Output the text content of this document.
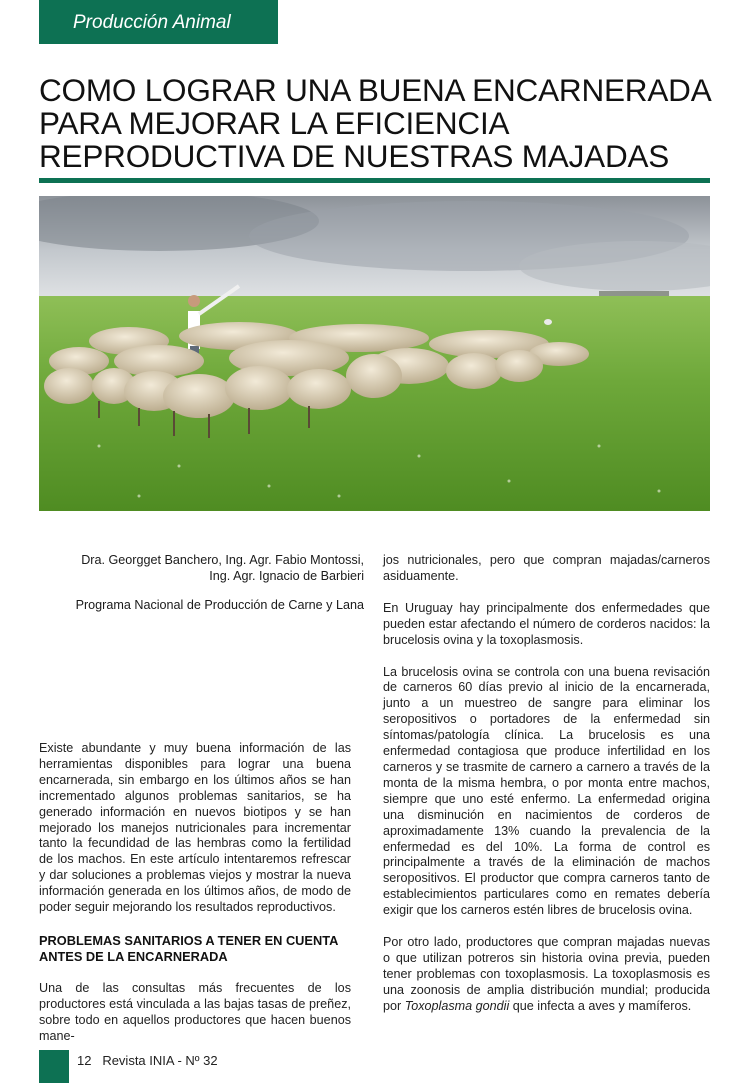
Producción Animal
COMO LOGRAR UNA BUENA ENCARNERADA
PARA MEJORAR LA EFICIENCIA
REPRODUCTIVA DE NUESTRAS MAJADAS

Dra. Georgget Banchero, Ing. Agr. Fabio Montossi,
Ing. Agr. Ignacio de Barbieri

Programa Nacional de Producción de Carne y Lana

Existe abundante y muy buena información de las herramientas disponibles para lograr una buena encarnerada, sin embargo en los últimos años se han incrementado algunos problemas sanitarios, se ha generado información en nuevos biotipos y se han mejorado los manejos nutricionales para incrementar tanto la fecundidad de las hembras como la fertilidad de los machos. En este artículo intentaremos refrescar y dar soluciones a problemas viejos y mostrar la nueva información generada en los últimos años, de modo de poder seguir mejorando los resultados reproductivos.

PROBLEMAS SANITARIOS A TENER EN CUENTA
ANTES DE LA ENCARNERADA

Una de las consultas más frecuentes de los productores está vinculada a las bajas tasas de preñez, sobre todo en aquellos productores que hacen buenos mane-

jos nutricionales, pero que compran majadas/carneros asiduamente.

En Uruguay hay principalmente dos enfermedades que pueden estar afectando el número de corderos nacidos: la brucelosis ovina y la toxoplasmosis.

La brucelosis ovina se controla con una buena revisación de carneros 60 días previo al inicio de la encarnerada, junto a un muestreo de sangre para eliminar los seropositivos o portadores de la enfermedad sin síntomas/patología clínica. La brucelosis es una enfermedad contagiosa que produce infertilidad en los carneros y se trasmite de carnero a carnero a través de la monta de la misma hembra, o por monta entre machos, siempre que uno esté enfermo. La enfermedad origina una disminución en nacimientos de corderos de aproximadamente 13% cuando la prevalencia de la enfermedad es del 10%. La forma de control es principalmente a través de la eliminación de machos seropositivos. El productor que compra carneros tanto de establecimientos particulares como en remates debería exigir que los carneros estén libres de brucelosis ovina.

Por otro lado, productores que compran majadas nuevas o que utilizan potreros sin historia ovina previa, pueden tener problemas con toxoplasmosis. La toxoplasmosis es una zoonosis de amplia distribución mundial; producida por Toxoplasma gondii que infecta a aves y mamíferos.

12 Revista INIA - Nº 32
